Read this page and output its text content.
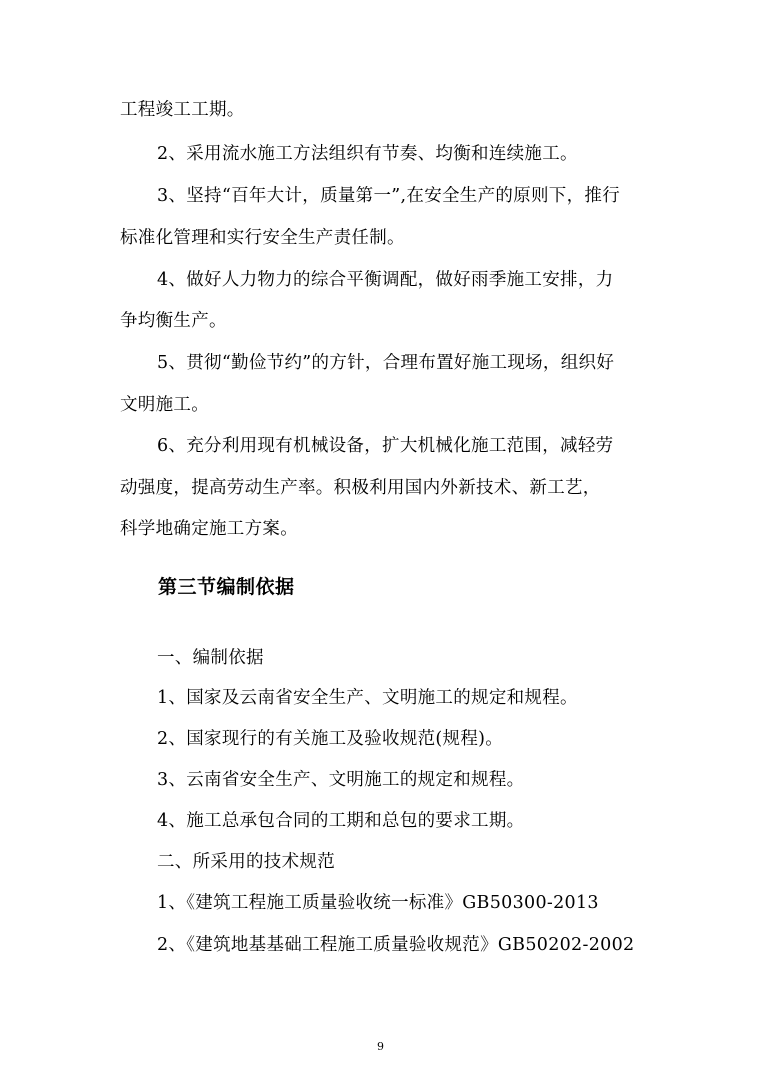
工程竣工工期。

2、采用流水施工方法组织有节奏、均衡和连续施工。

3、坚持“百年大计，质量第一”,在安全生产的原则下，推行

标准化管理和实行安全生产责任制。

4、做好人力物力的综合平衡调配，做好雨季施工安排，力

争均衡生产。

5、贯彻“勤俭节约”的方针，合理布置好施工现场，组织好

文明施工。

6、充分利用现有机械设备，扩大机械化施工范围，减轻劳

动强度，提高劳动生产率。积极利用国内外新技术、新工艺，

科学地确定施工方案。

第三节编制依据

一、编制依据

1、国家及云南省安全生产、文明施工的规定和规程。

2、国家现行的有关施工及验收规范(规程)。

3、云南省安全生产、文明施工的规定和规程。

4、施工总承包合同的工期和总包的要求工期。

二、所采用的技术规范

1、《建筑工程施工质量验收统一标准》GB50300-2013

2、《建筑地基基础工程施工质量验收规范》GB50202-2002

9
